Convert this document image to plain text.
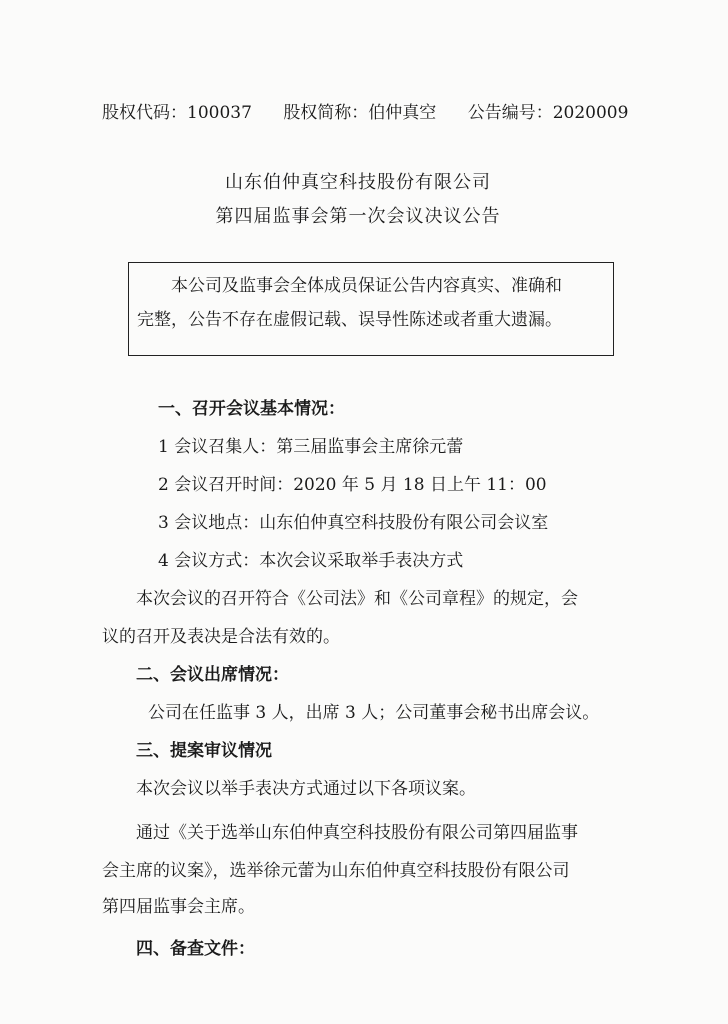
股权代码：100037 股权简称：伯仲真空 公告编号：2020009
山东伯仲真空科技股份有限公司
第四届监事会第一次会议决议公告

本公司及监事会全体成员保证公告内容真实、准确和

完整，公告不存在虚假记载、误导性陈述或者重大遗漏。

一、召开会议基本情况：
1 会议召集人：第三届监事会主席徐元蕾
2 会议召开时间：2020 年 5 月 18 日上午 11：00
3 会议地点：山东伯仲真空科技股份有限公司会议室
4 会议方式：本次会议采取举手表决方式
本次会议的召开符合《公司法》和《公司章程》的规定，会
议的召开及表决是合法有效的。
二、会议出席情况：
公司在任监事 3 人，出席 3 人；公司董事会秘书出席会议。
三、提案审议情况
本次会议以举手表决方式通过以下各项议案。
通过《关于选举山东伯仲真空科技股份有限公司第四届监事
会主席的议案》，选举徐元蕾为山东伯仲真空科技股份有限公司
第四届监事会主席。
四、备查文件：
